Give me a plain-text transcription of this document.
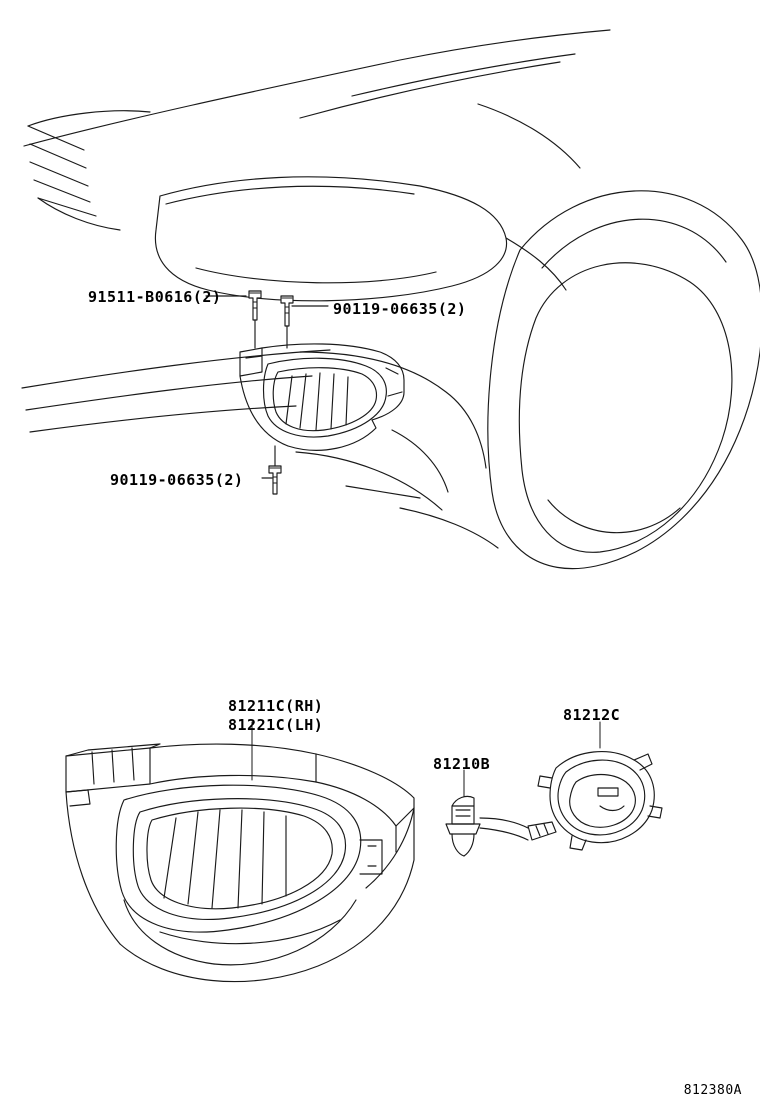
91511-B0616(2)
90119-06635(2)
90119-06635(2)
81211C(RH)
81221C(LH)
81210B
81212C
812380A
